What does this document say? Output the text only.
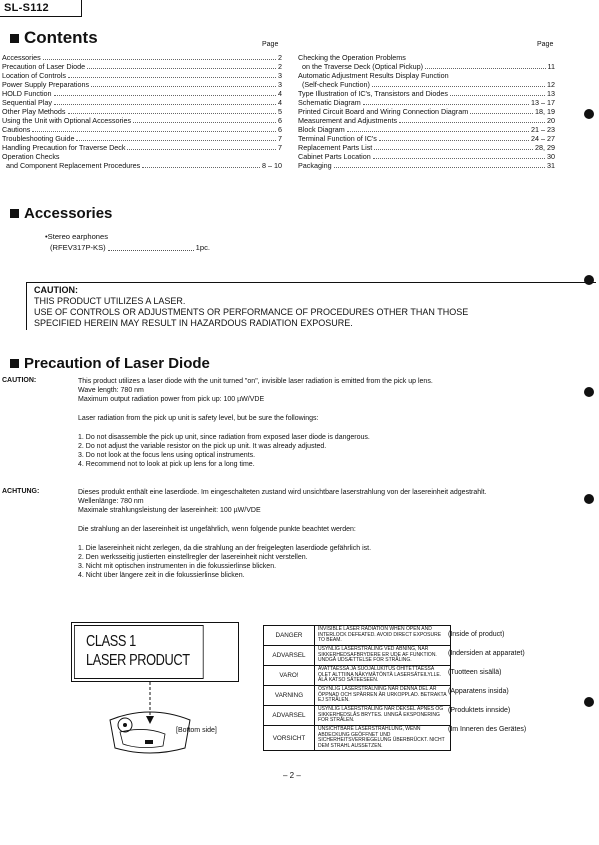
SL-S112
Contents	Page	Page
Accessories	2
Precaution of Laser Diode	2
Location of Controls	3
Power Supply Preparations	3
HOLD Function	4
Sequential Play	4
Other Play Methods	5
Using the Unit with Optional Accessories	6
Cautions	6
Troubleshooting Guide	7
Handling Precaution for Traverse Deck	7
Operation Checks
and Component Replacement Procedures	8 – 10
Checking the Operation Problems
on the Traverse Deck (Optical Pickup)	11
Automatic Adjustment Results Display Function
(Self-check Function)	12
Type Illustration of IC's, Transistors and Diodes	13
Schematic Diagram	13 – 17
Printed Circuit Board and Wiring Connection Diagram	18, 19
Measurement and Adjustments	20
Block Diagram	21 – 23
Terminal Function of IC's	24 – 27
Replacement Parts List	28, 29
Cabinet Parts Location	30
Packaging	31
Accessories
•Stereo earphones
(RFEV317P-KS)	1pc.
CAUTION:
THIS PRODUCT UTILIZES A LASER.
USE OF CONTROLS OR ADJUSTMENTS OR PERFORMANCE OF PROCEDURES OTHER THAN THOSE
SPECIFIED HEREIN MAY RESULT IN HAZARDOUS RADIATION EXPOSURE.
Precaution of Laser Diode
CAUTION:	This product utilizes a laser diode with the unit turned "on", invisible laser radiation is emitted from the pick up lens.
Wave length: 780 nm
Maximum output radiation power from pick up: 100 µW/VDE
Laser radiation from the pick up unit is safety level, but be sure the followings:
1. Do not disassemble the pick up unit, since radiation from exposed laser diode is dangerous.
2. Do not adjust the variable resistor on the pick up unit. It was already adjusted.
3. Do not look at the focus lens using optical instruments.
4. Recommend not to look at pick up lens for a long time.
ACHTUNG:	Dieses produkt enthält eine laserdiode. Im eingeschalteten zustand wird unsichtbare laserstrahlung von der lasereinheit adgestrahlt.
Wellenlänge: 780 nm
Maximale strahlungsleistung der lasereinheit: 100 µW/VDE
Die strahlung an der lasereinheit ist ungefährlich, wenn folgende punkte beachtet werden:
1. Die lasereinheit nicht zerlegen, da die strahlung an der freigelegten laserdiode gefährlich ist.
2. Den werksseitig justierten einstellregler der lasereinheit nicht verstellen.
3. Nicht mit optischen instrumenten in die fokussierlinse blicken.
4. Nicht über längere zeit in die fokussierlinse blicken.
CLASS 1
LASER PRODUCT
[Bottom side]
DANGER	INVISIBLE LASER RADIATION WHEN OPEN AND INTERLOCK DEFEATED. AVOID DIRECT EXPOSURE TO BEAM.
ADVARSEL	USYNLIG LASERSTRÅLING VED ÅBNING, NÅR SIKKERHEDSAFBRYDERE ER UDE AF FUNKTION. UNDGÅ UDSÆTTELSE FOR STRÅLING.
VARO!	AVATTAESSA JA SUOJALUKITUS OHITETTAESSA OLET ALTTIINA NÄKYMÄTÖNTÄ LASERSÄTEILYLLE. ÄLÄ KATSO SÄTEESEEN.
VARNING	OSYNLIG LASERSTRÅLNING NÄR DENNA DEL ÄR ÖPPNAD OCH SPÄRREN ÄR URKOPPLAD. BETRAKTA EJ STRÅLEN.
ADVARSEL	USYNLIG LASERSTRÅLING NÅR DEKSEL ÅPNES OG SIKKERHEDSLÅS BRYTES. UNNGÅ EKSPONERING FOR STRÅLEN.
VORSICHT	UNSICHTBARE LASERSTRAHLUNG, WENN ABDECKUNG GEÖFFNET UND SICHERHEITSVERRIEGELUNG ÜBERBRÜCKT. NICHT DEM STRAHL AUSSETZEN.
(Inside of product)
(Indersiden at apparatet)
(Tuotteen sisällä)
(Apparatens insida)
(Produktets innside)
(Im Inneren des Gerätes)
– 2 –
